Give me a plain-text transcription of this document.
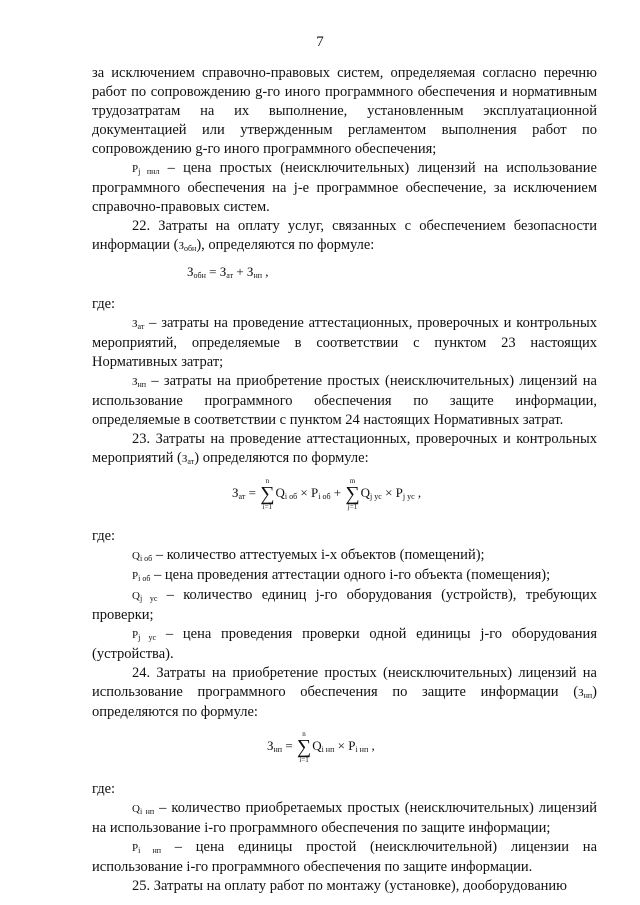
7

за исключением справочно-правовых систем, определяемая согласно перечню работ по сопровождению g-го иного программного обеспечения и нормативным трудозатратам на их выполнение, установленным эксплуатационной документацией или утвержденным регламентом выполнения работ по сопровождению g-го иного программного обеспечения;

$P_{j пнл}$ – цена простых (неисключительных) лицензий на использование программного обеспечения на j-е программное обеспечение, за исключением справочно-правовых систем.

22. Затраты на оплату услуг, связанных с обеспечением безопасности информации $(З_{обн})$, определяются по формуле:

$З_{обн} = З_{ат} + З_{нп}$ ,

где:

$З_{ат}$ – затраты на проведение аттестационных, проверочных и контрольных мероприятий, определяемые в соответствии с пунктом 23 настоящих Нормативных затрат;

$З_{нп}$ – затраты на приобретение простых (неисключительных) лицензий на использование программного обеспечения по защите информации, определяемые в соответствии с пунктом 24 настоящих Нормативных затрат.

23. Затраты на проведение аттестационных, проверочных и контрольных мероприятий $(З_{ат})$ определяются по формуле:

$З_{ат}$ =
n
∑
i=1
$Q_{i об} \times P_{i об}$ +
m
∑
j=1
$Q_{j ус} \times P_{j ус}$ ,

где:

$Q_{i об}$ – количество аттестуемых i-х объектов (помещений);

$P_{i об}$ – цена проведения аттестации одного i-го объекта (помещения);

$Q_{j ус}$ – количество единиц j-го оборудования (устройств), требующих проверки;

$P_{j ус}$ – цена проведения проверки одной единицы j-го оборудования (устройства).

24. Затраты на приобретение простых (неисключительных) лицензий на использование программного обеспечения по защите информации $(З_{нп})$ определяются по формуле:

$З_{нп}$ =
n
∑
i=1
$Q_{i нп} \times P_{i нп}$ ,

где:

$Q_{i нп}$ – количество приобретаемых простых (неисключительных) лицензий на использование i-го программного обеспечения по защите информации;

$P_{i нп}$ – цена единицы простой (неисключительной) лицензии на использование i-го программного обеспечения по защите информации.

25. Затраты на оплату работ по монтажу (установке), дооборудованию
